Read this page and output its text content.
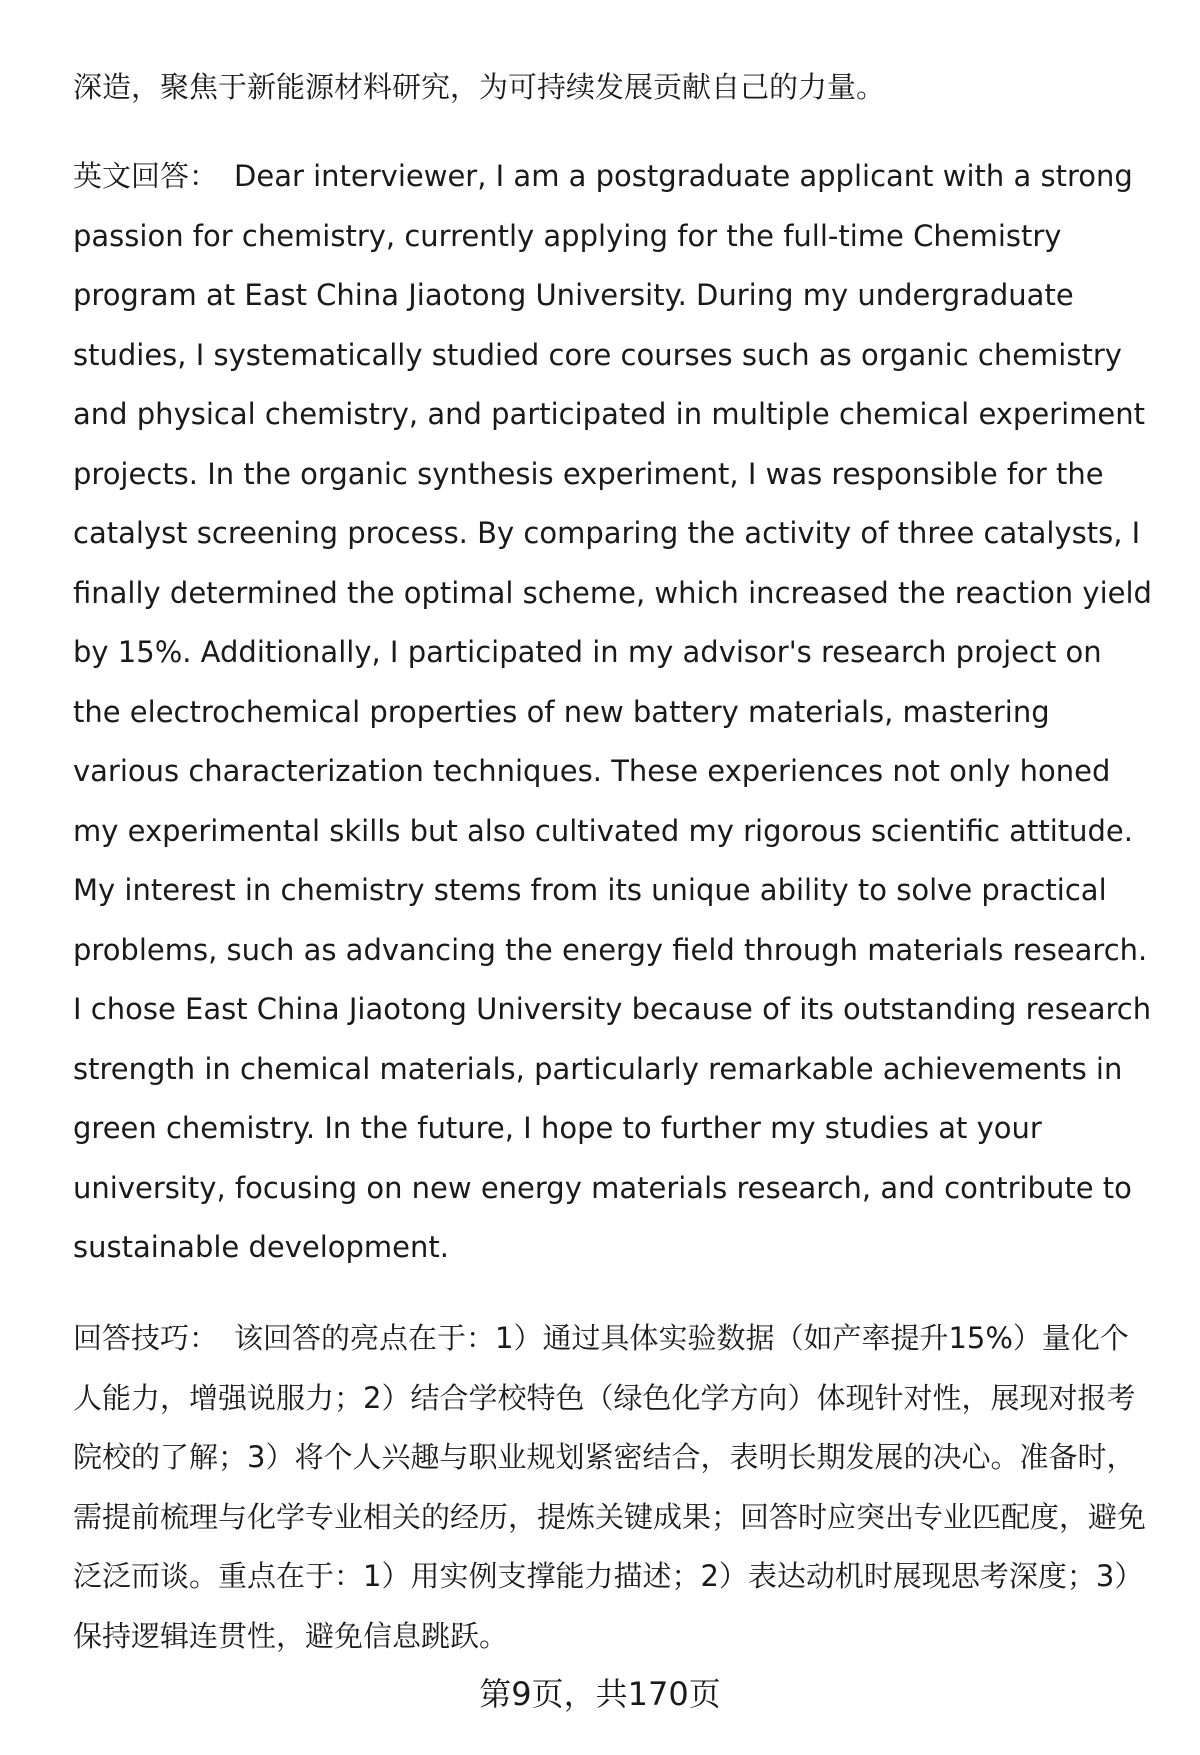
深造，聚焦于新能源材料研究，为可持续发展贡献自己的力量。

英文回答： Dear interviewer, I am a postgraduate applicant with a strong passion for chemistry, currently applying for the full-time Chemistry program at East China Jiaotong University. During my undergraduate studies, I systematically studied core courses such as organic chemistry and physical chemistry, and participated in multiple chemical experiment projects. In the organic synthesis experiment, I was responsible for the catalyst screening process. By comparing the activity of three catalysts, I finally determined the optimal scheme, which increased the reaction yield by 15%. Additionally, I participated in my advisor's research project on the electrochemical properties of new battery materials, mastering various characterization techniques. These experiences not only honed my experimental skills but also cultivated my rigorous scientific attitude. My interest in chemistry stems from its unique ability to solve practical problems, such as advancing the energy field through materials research. I chose East China Jiaotong University because of its outstanding research strength in chemical materials, particularly remarkable achievements in green chemistry. In the future, I hope to further my studies at your university, focusing on new energy materials research, and contribute to sustainable development.

回答技巧： 该回答的亮点在于：1）通过具体实验数据（如产率提升15%）量化个人能力，增强说服力；2）结合学校特色（绿色化学方向）体现针对性，展现对报考院校的了解；3）将个人兴趣与职业规划紧密结合，表明长期发展的决心。准备时，需提前梳理与化学专业相关的经历，提炼关键成果；回答时应突出专业匹配度，避免泛泛而谈。重点在于：1）用实例支撑能力描述；2）表达动机时展现思考深度；3）保持逻辑连贯性，避免信息跳跃。

第9页，共170页
